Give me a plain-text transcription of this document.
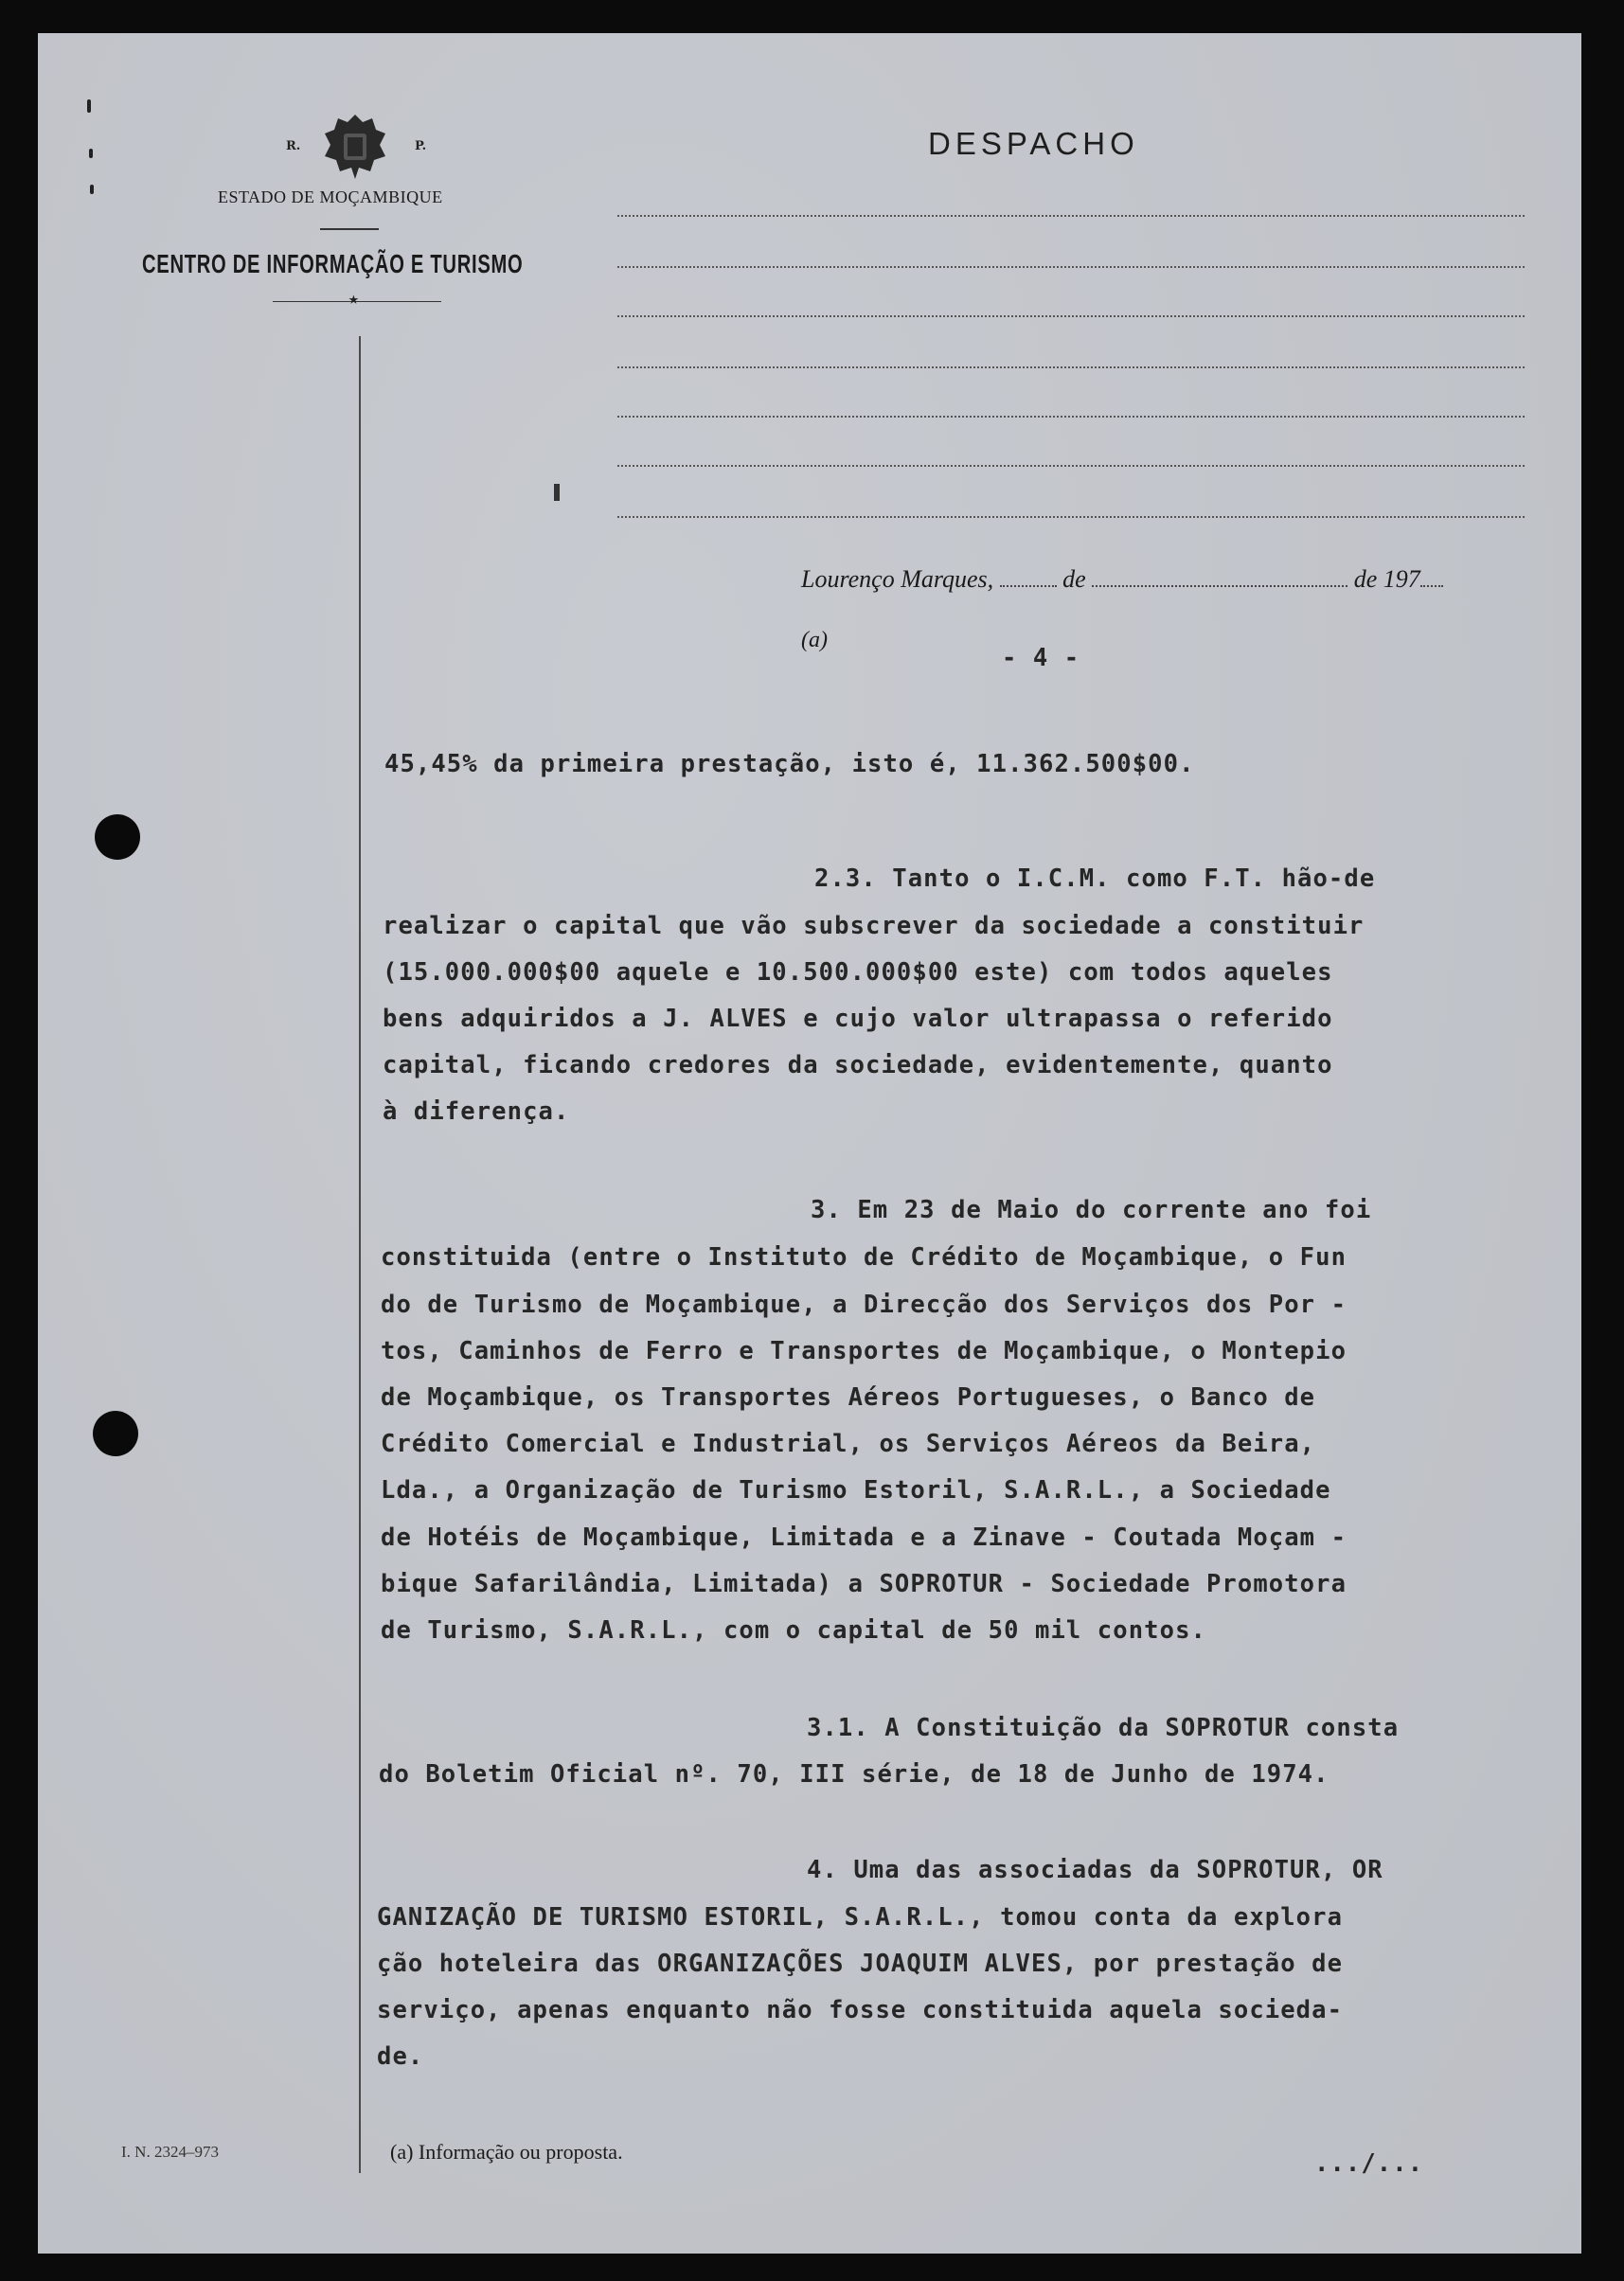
R.	P.
ESTADO DE MOÇAMBIQUE
CENTRO DE INFORMAÇÃO E TURISMO
★
DESPACHO
Lourenço Marques,	de	de 197
(a)
- 4 -
45,45% da primeira prestação, isto é, 11.362.500$00.
2.3. Tanto o I.C.M. como F.T. hão-de
realizar o capital que vão subscrever da sociedade a constituir
(15.000.000$00 aquele e 10.500.000$00 este) com todos aqueles
bens adquiridos a J. ALVES e cujo valor ultrapassa o referido
capital, ficando credores da sociedade, evidentemente, quanto
à diferença.
3. Em 23 de Maio do corrente ano foi
constituida (entre o Instituto de Crédito de Moçambique, o Fun
do de Turismo de Moçambique, a Direcção dos Serviços dos Por -
tos, Caminhos de Ferro e Transportes de Moçambique, o Montepio
de Moçambique, os Transportes Aéreos Portugueses, o Banco de
Crédito Comercial e Industrial, os Serviços Aéreos da Beira,
Lda., a Organização de Turismo Estoril, S.A.R.L., a Sociedade
de Hotéis de Moçambique, Limitada e a Zinave - Coutada Moçam -
bique Safarilândia, Limitada) a SOPROTUR - Sociedade Promotora
de Turismo, S.A.R.L., com o capital de 50 mil contos.
3.1. A Constituição da SOPROTUR consta
do Boletim Oficial nº. 70, III série, de 18 de Junho de 1974.
4. Uma das associadas da SOPROTUR, OR
GANIZAÇÃO DE TURISMO ESTORIL, S.A.R.L., tomou conta da explora
ção hoteleira das ORGANIZAÇÕES JOAQUIM ALVES, por prestação de
serviço, apenas enquanto não fosse constituida aquela socieda-
de.
I. N. 2324–973	(a) Informação ou proposta.	.../...
